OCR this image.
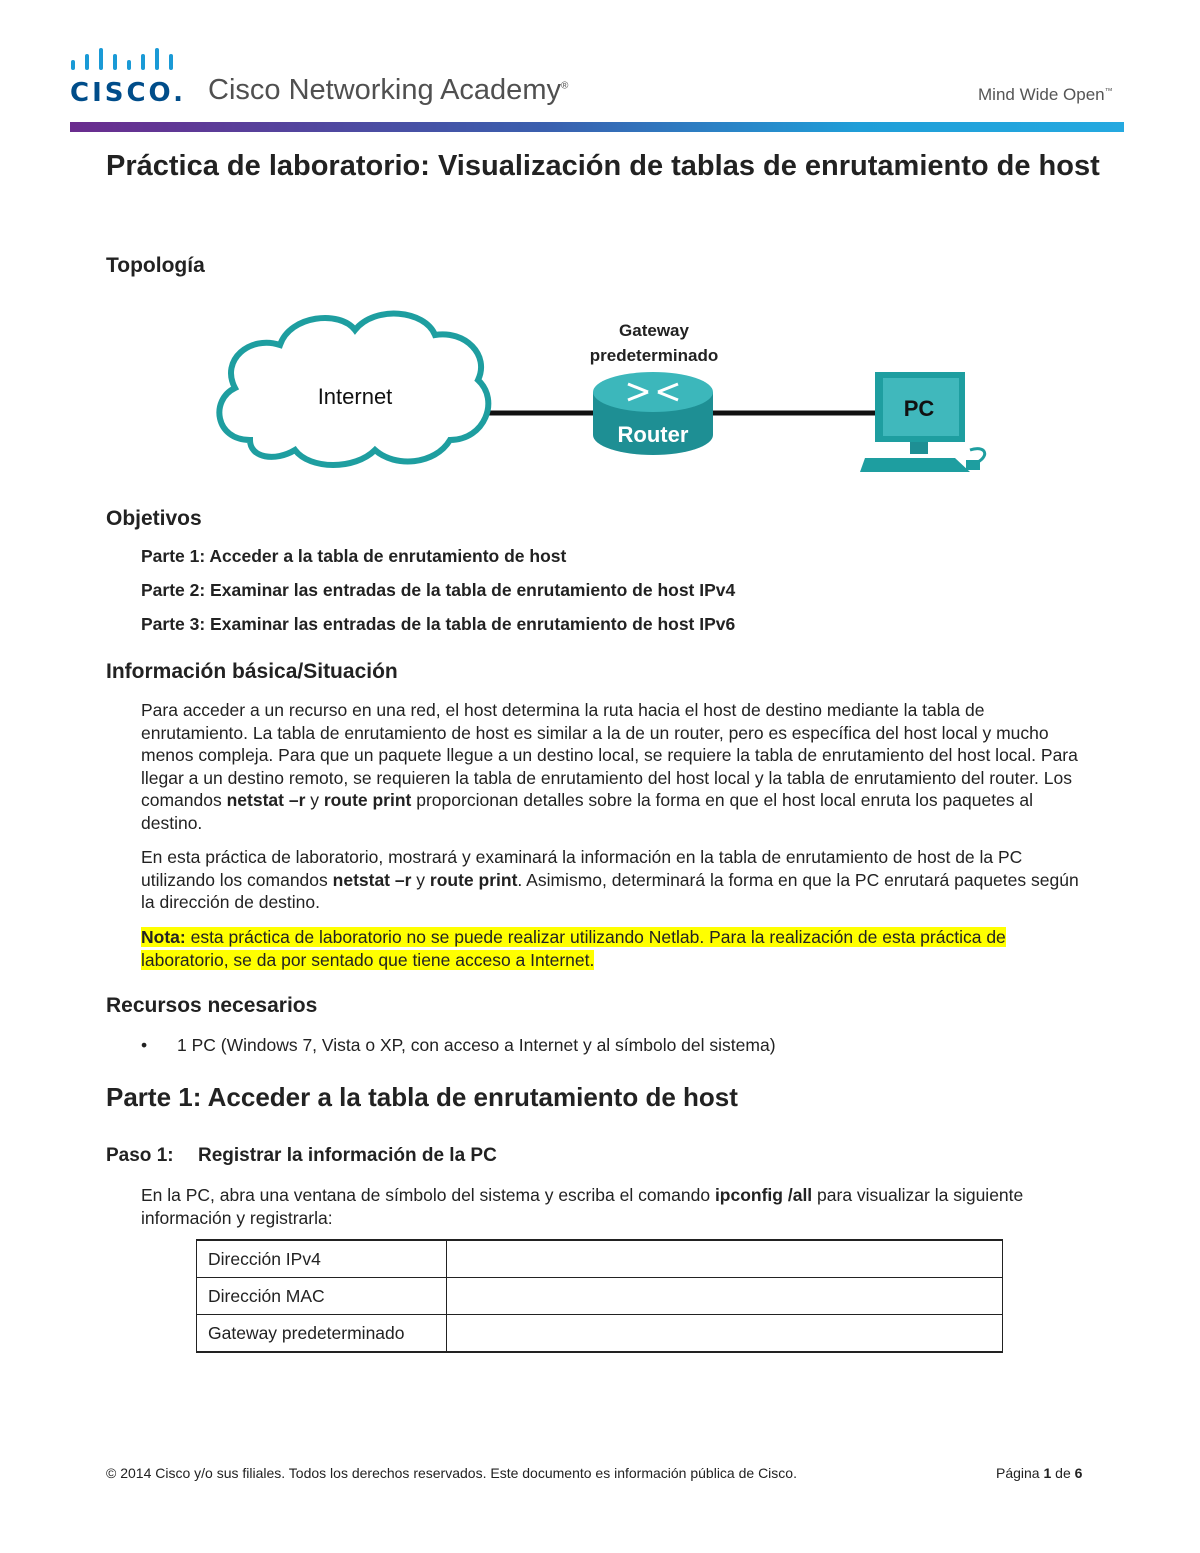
CISCO. Cisco Networking Academy®	Mind Wide Open™
Práctica de laboratorio: Visualización de tablas de enrutamiento de host
Topología
Internet
Gateway
predeterminado
Router
PC
Objetivos
Parte 1: Acceder a la tabla de enrutamiento de host
Parte 2: Examinar las entradas de la tabla de enrutamiento de host IPv4
Parte 3: Examinar las entradas de la tabla de enrutamiento de host IPv6
Información básica/Situación

Para acceder a un recurso en una red, el host determina la ruta hacia el host de destino mediante la tabla de enrutamiento. La tabla de enrutamiento de host es similar a la de un router, pero es específica del host local y mucho menos compleja. Para que un paquete llegue a un destino local, se requiere la tabla de enrutamiento del host local. Para llegar a un destino remoto, se requieren la tabla de enrutamiento del host local y la tabla de enrutamiento del router. Los comandos netstat –r y route print proporcionan detalles sobre la forma en que el host local enruta los paquetes al destino.

En esta práctica de laboratorio, mostrará y examinará la información en la tabla de enrutamiento de host de la PC utilizando los comandos netstat –r y route print. Asimismo, determinará la forma en que la PC enrutará paquetes según la dirección de destino.

Nota: esta práctica de laboratorio no se puede realizar utilizando Netlab. Para la realización de esta práctica de laboratorio, se da por sentado que tiene acceso a Internet.

Recursos necesarios
• 1 PC (Windows 7, Vista o XP, con acceso a Internet y al símbolo del sistema)
Parte 1: Acceder a la tabla de enrutamiento de host
Paso 1: Registrar la información de la PC

En la PC, abra una ventana de símbolo del sistema y escriba el comando ipconfig /all para visualizar la siguiente información y registrarla:

Dirección IPv4	
Dirección MAC	
Gateway predeterminado	
© 2014 Cisco y/o sus filiales. Todos los derechos reservados. Este documento es información pública de Cisco.	Página 1 de 6
